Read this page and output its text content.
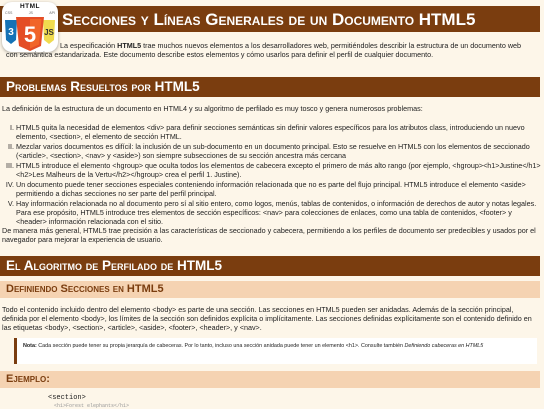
Secciones y Líneas Generales de un Documento HTML5
HTML
CSS	JS	API
5
3	JS

La especificación HTML5 trae muchos nuevos elementos a los desarrolladores web, permitiéndoles describir la estructura de un documento web con semántica estandarizada. Este documento describe estos elementos y cómo usarlos para definir el perfil de cualquier documento.

Problemas Resueltos por HTML5

La definición de la estructura de un documento en HTML4 y su algoritmo de perfilado es muy tosco y genera numerosos problemas:

I. HTML5 quita la necesidad de elementos <div> para definir secciones semánticas sin definir valores específicos para los atributos class, introduciendo un nuevo elemento, <section>, el elemento de sección HTML.
II. Mezclar varios documentos es difícil: la inclusión de un sub-documento en un documento principal. Esto se resuelve en HTML5 con los elementos de seccionado (<article>, <section>, <nav> y <aside>) son siempre subsecciones de su sección ancestra más cercana
III. HTML5 introduce el elemento <hgroup> que oculta todos los elementos de cabecera excepto el primero de más alto rango (por ejemplo, <hgroup><h1>Justine</h1><h2>Les Malheurs de la Vertu</h2></hgroup> crea el perfil 1. Justine).
IV. Un documento puede tener secciones especiales conteniendo información relacionada que no es parte del flujo principal. HTML5 introduce el elemento <aside> permitiendo a dichas secciones no ser parte del perfil principal.
V. Hay información relacionada no al documento pero sí al sitio entero, como logos, menús, tablas de contenidos, o información de derechos de autor y notas legales. Para ese propósito, HTML5 introduce tres elementos de sección específicos: <nav> para colecciones de enlaces, como una tabla de contenidos, <footer> y <header> información relacionada con el sitio.

De manera más general, HTML5 trae precisión a las características de seccionado y cabecera, permitiendo a los perfiles de documento ser predecibles y usados por el navegador para mejorar la experiencia de usuario.

El Algoritmo de Perfilado de HTML5
Definiendo Secciones en HTML5

Todo el contenido incluido dentro del elemento <body> es parte de una sección. Las secciones en HTML5 pueden ser anidadas. Además de la sección principal, definida por el elemento <body>, los límites de la sección son definidos explícita o implícitamente. Las secciones definidas explícitamente son el contenido definido en las etiquetas <body>, <section>, <article>, <aside>, <footer>, <header>, y <nav>.

Nota: Cada sección puede tener su propia jerarquía de cabeceras. Por lo tanto, incluso una sección anidada puede tener un elemento <h1>. Consulte también Definiendo cabeceras en HTML5
Ejemplo:
<section>
<h1>Forest elephants</h1>
